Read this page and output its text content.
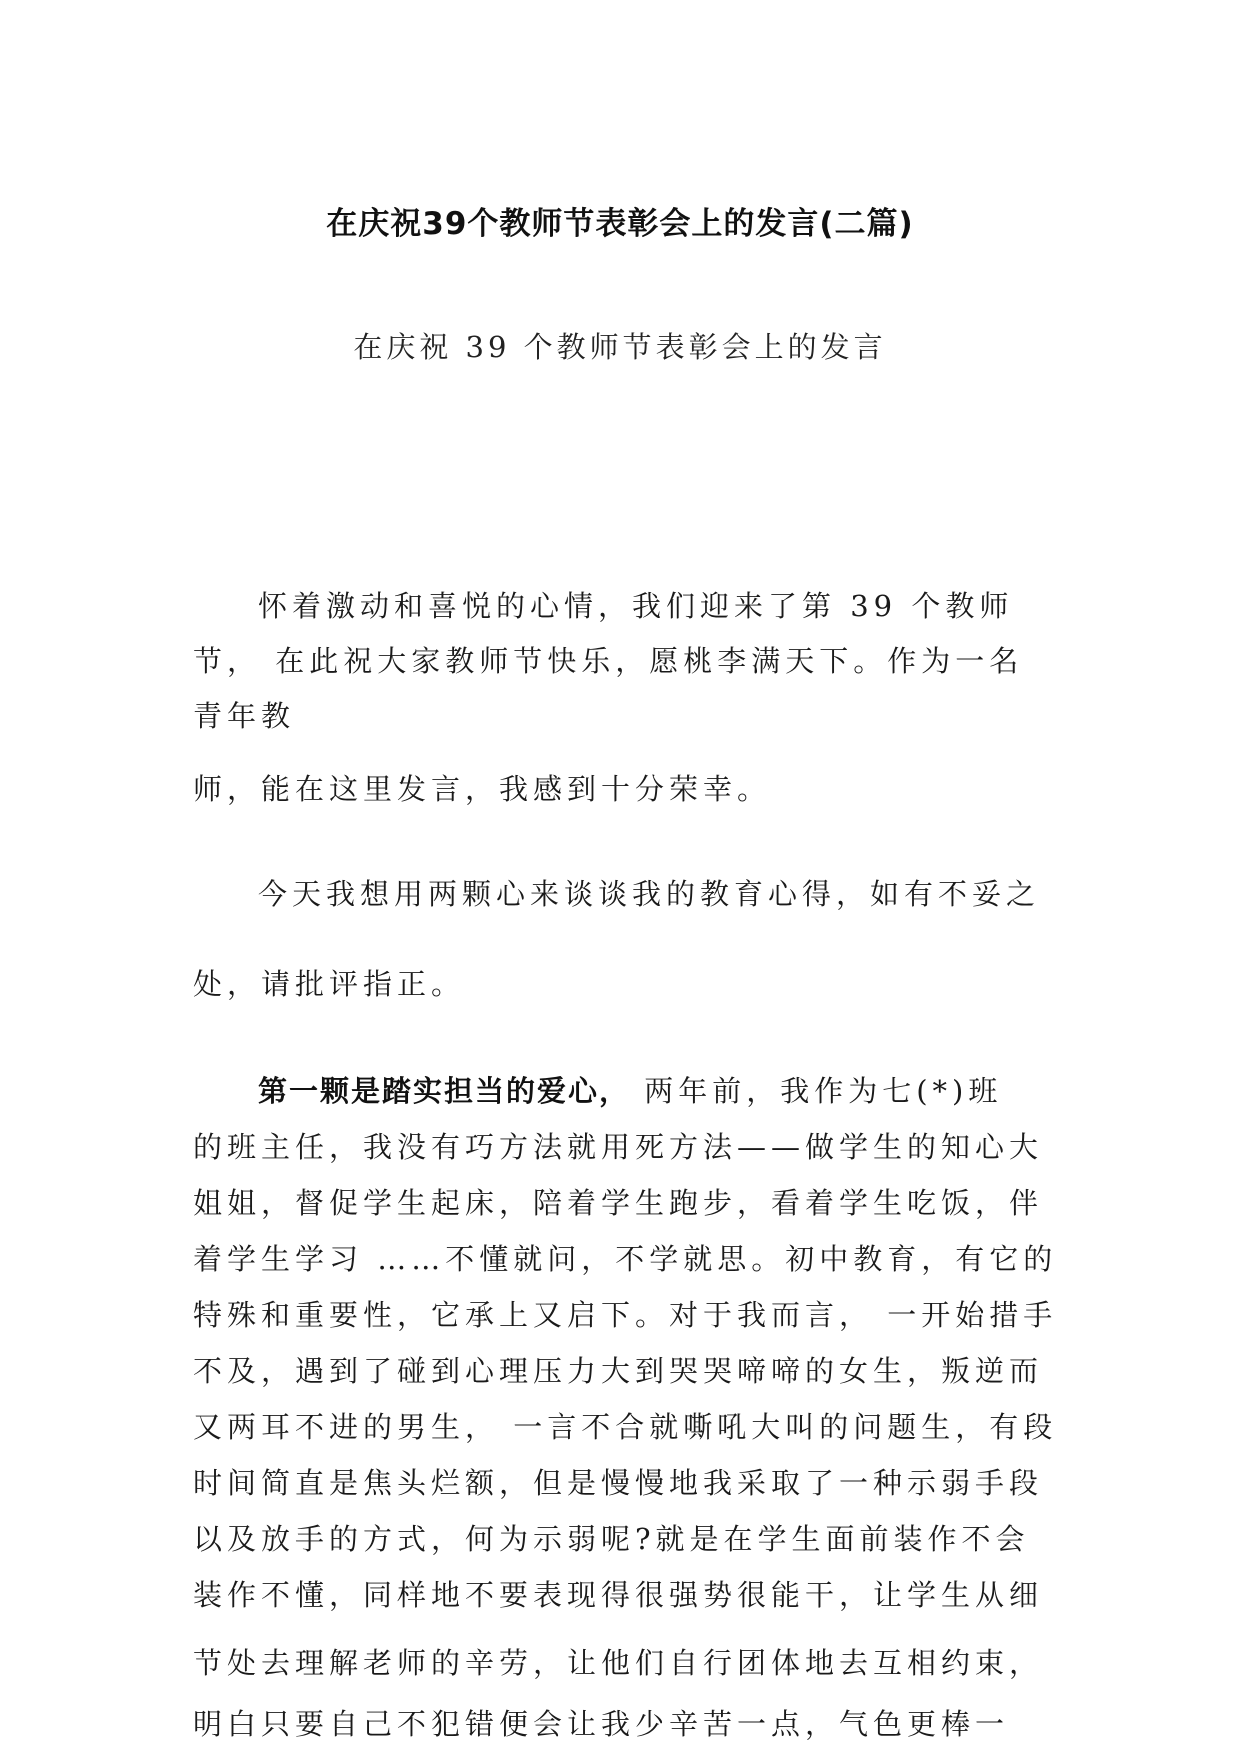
在庆祝39个教师节表彰会上的发言(二篇)
在庆祝 39 个教师节表彰会上的发言
怀着激动和喜悦的心情，我们迎来了第 39 个教师
节， 在此祝大家教师节快乐，愿桃李满天下。作为一名
青年教
师，能在这里发言，我感到十分荣幸。
今天我想用两颗心来谈谈我的教育心得，如有不妥之
处，请批评指正。
第一颗是踏实担当的爱心， 两年前，我作为七(*)班
的班主任，我没有巧方法就用死方法——做学生的知心大
姐姐，督促学生起床，陪着学生跑步，看着学生吃饭，伴
着学生学习 ……不懂就问，不学就思。初中教育，有它的
特殊和重要性，它承上又启下。对于我而言， 一开始措手
不及，遇到了碰到心理压力大到哭哭啼啼的女生，叛逆而
又两耳不进的男生， 一言不合就嘶吼大叫的问题生，有段
时间简直是焦头烂额，但是慢慢地我采取了一种示弱手段
以及放手的方式，何为示弱呢?就是在学生面前装作不会
装作不懂，同样地不要表现得很强势很能干，让学生从细
节处去理解老师的辛劳，让他们自行团体地去互相约束，
明白只要自己不犯错便会让我少辛苦一点，气色更棒一
